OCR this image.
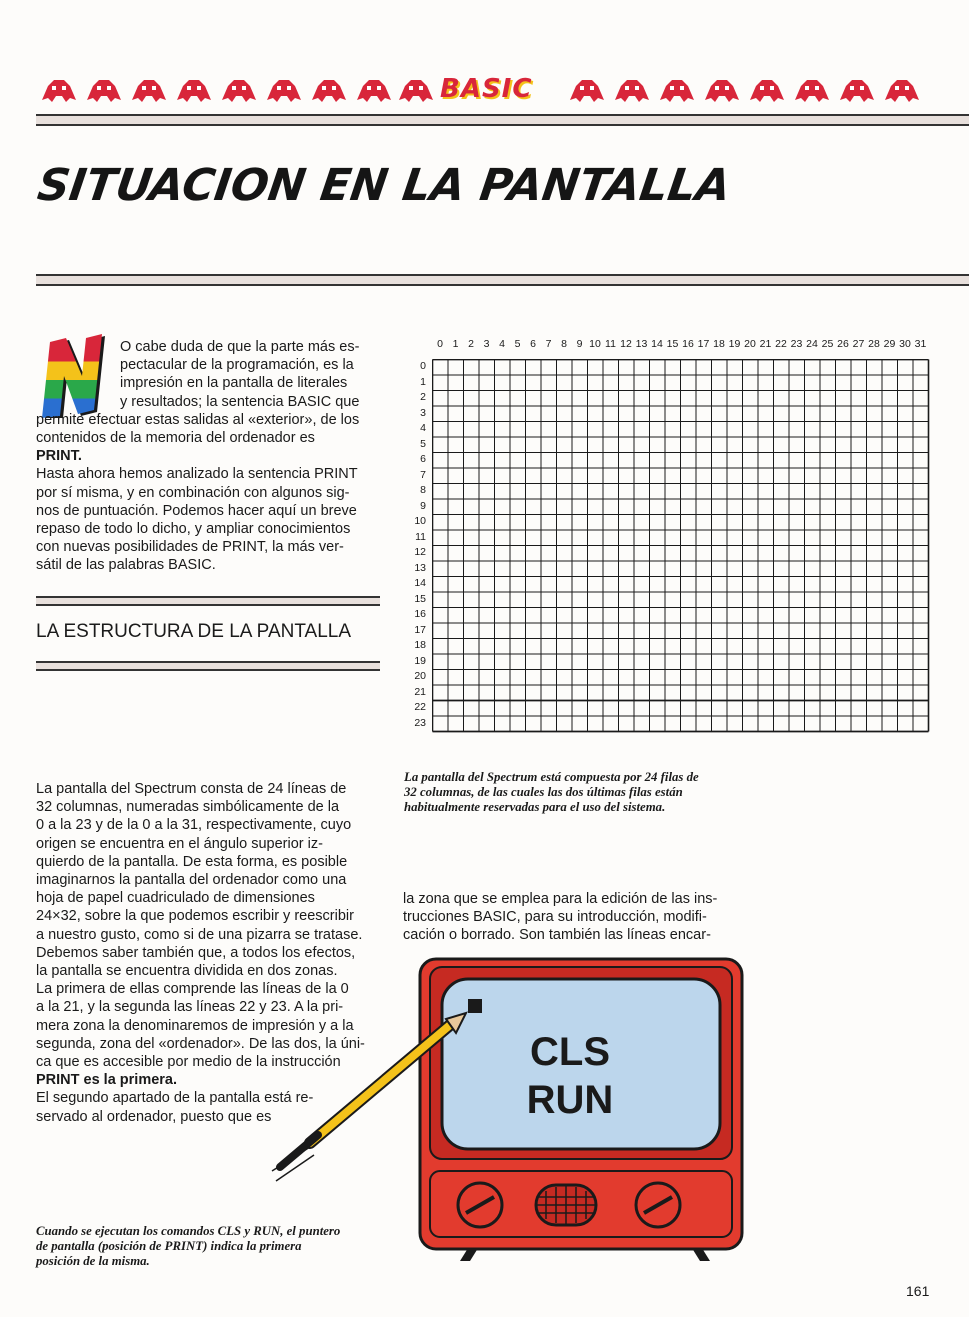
BASIC
SITUACION EN LA PANTALLA
O cabe duda de que la parte más es-
pectacular de la programación, es la
impresión en la pantalla de literales
y resultados; la sentencia BASIC que
permite efectuar estas salidas al «exterior», de los
contenidos de la memoria del ordenador es
PRINT.
Hasta ahora hemos analizado la sentencia PRINT
por sí misma, y en combinación con algunos sig-
nos de puntuación. Podemos hacer aquí un breve
repaso de todo lo dicho, y ampliar conocimientos
con nuevas posibilidades de PRINT, la más ver-
sátil de las palabras BASIC.
LA ESTRUCTURA DE LA PANTALLA
La pantalla del Spectrum consta de 24 líneas de
32 columnas, numeradas simbólicamente de la
0 a la 23 y de la 0 a la 31, respectivamente, cuyo
origen se encuentra en el ángulo superior iz-
quierdo de la pantalla. De esta forma, es posible
imaginarnos la pantalla del ordenador como una
hoja de papel cuadriculado de dimensiones
24×32, sobre la que podemos escribir y reescribir
a nuestro gusto, como si de una pizarra se tratase.
Debemos saber también que, a todos los efectos,
la pantalla se encuentra dividida en dos zonas.
La primera de ellas comprende las líneas de la 0
a la 21, y la segunda las líneas 22 y 23. A la pri-
mera zona la denominaremos de impresión y a la
segunda, zona del «ordenador». De las dos, la úni-
ca que es accesible por medio de la instrucción
PRINT es la primera.
El segundo apartado de la pantalla está re-
servado al ordenador, puesto que es
0 1 2 3 4 5 6 7 8 9 10 11 12 13 14 15 16 17 18 19 20 21 22 23 24 25 26 27 28 29 30 31
0
1
2
3
4
5
6
7
8
9
10
11
12
13
14
15
16
17
18
19
20
21
22
23
La pantalla del Spectrum está compuesta por 24 filas de
32 columnas, de las cuales las dos últimas filas están
habitualmente reservadas para el uso del sistema.
la zona que se emplea para la edición de las ins-
trucciones BASIC, para su introducción, modifi-
cación o borrado. Son también las líneas encar-
CLS
RUN
Cuando se ejecutan los comandos CLS y RUN, el puntero
de pantalla (posición de PRINT) indica la primera
posición de la misma.
161
